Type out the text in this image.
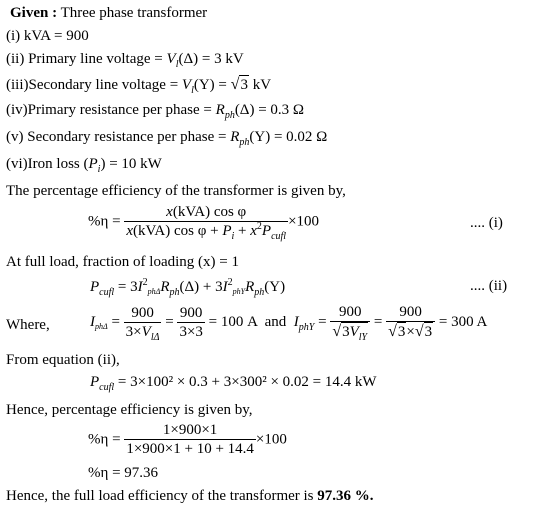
Given : Three phase transformer
(i) kVA = 900
(ii) Primary line voltage = $V_l(\Delta) = 3$ kV
(iii)Secondary line voltage = $V_l(Y) = √3$ kV
(iv)Primary resistance per phase = $R_{ph}(\Delta) = 0.3$ Ω
(v) Secondary resistance per phase = $R_{ph}(Y) = 0.02$ Ω
(vi)Iron loss $(P_i) = 10$ kW
The percentage efficiency of the transformer is given by,
$\%\eta = \frac{\text{x(kVA) cos φ}}{x(kVA) \cos \varphi + P_i + x^2P_{cufl}} \times 100$	.... (i)
At full load, fraction of loading (x) = 1
$P_{cufl} = 3I^2_{ph\Delta}R_{ph}(\Delta) + 3I^2_{phY}R_{ph}(Y)$	.... (ii)
Where,	$I_{ph\Delta} = \frac{900}{3\times V_{l\Delta}} = \frac{900}{3\times 3} = 100$ A and $I_{phY} = \frac{900}{√3V_{lY}} = \frac{900}{√3\times√3} = 300$ A
From equation (ii),
$P_{cufl} = 3\times 100^2 \times 0.3 + 3\times 300^2 \times 0.02 = 14.4$ kW
Hence, percentage efficiency is given by,
$\%\eta = \frac{1\times 900\times 1}{1\times 900\times 1 + 10 + 14.4} \times 100$
%η = 97.36
Hence, the full load efficiency of the transformer is 97.36 %.
